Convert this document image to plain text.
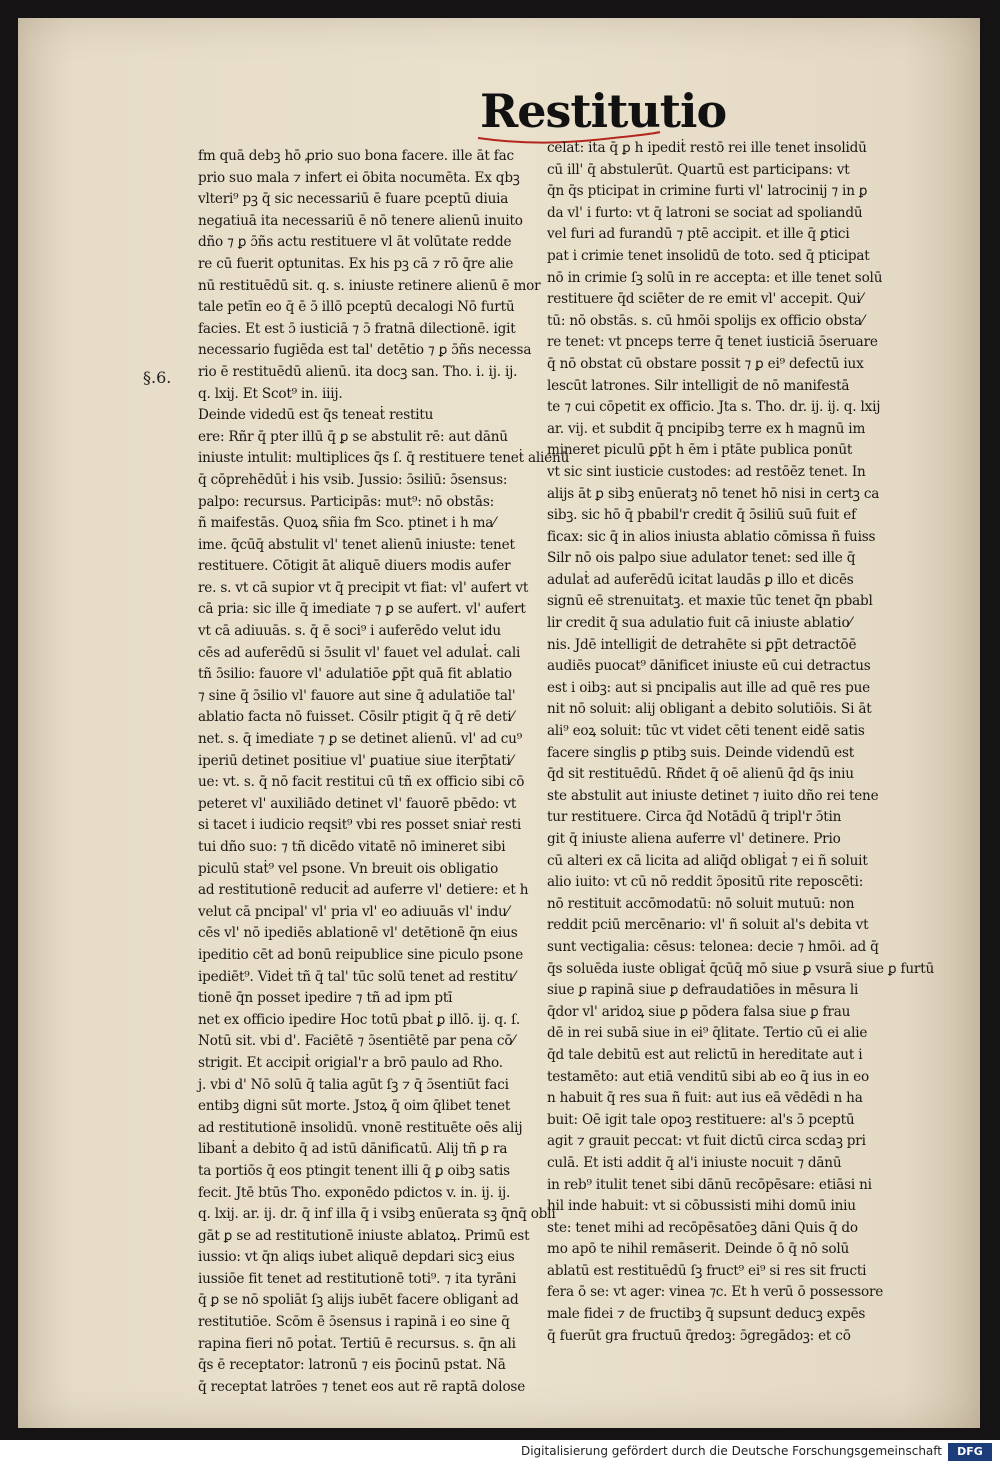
Restitutio
§.6.
fm quā debꝫ hō ꝓrio suo bona facere. ille āt fac
prio suo mala ⁊ infert ei ōbita nocumēta. Ex qbꝫ
vlteri⁹ pꝫ q̄ sic necessariū ē fuare pceptū diuia
negatiuā ita necessariū ē nō tenere alienū inuito
dño ⁊ ꝑ ɔ̄ñs actu restituere vl āt volūtate redde
re cū fuerit optunitas. Ex his pꝫ cā ⁊ rō q̄re alie
nū restituēdū sit. q. s. iniuste retinere alienū ē mor
tale petīn eo q̄ ē ɔ̄ illō pceptū decalogi Nō furtū
facies. Et est ɔ̄ iusticiā ⁊ ɔ̄ fratnā dilectionē. igit
necessario fugiēda est tal' detētio ⁊ ꝑ ɔ̄ñs necessa
rio ē restituēdū alienū. ita docꝫ san. Tho. i. ij. ij.
q. lxij. Et Scot⁹ in. iiij.
Deinde videdū est q̄s teneaṫ restitu
ere: Rñr q̄ pter illū q̄ ꝑ se abstulit rē: aut dānū
iniuste intulit: multiplices q̄s ſ. q̄ restituere teneṫ alienū
q̄ cōprehēdūṫ i his vsib. Jussio: ɔ̄siliū: ɔ̄sensus:
palpo: recursus. Participās: mut⁹: nō obstās:
ñ maifestās. Quoꝝ sñia fm Sco. ptinet i h ma⁄
ime. q̄cūq̄ abstulit vl' tenet alienū iniuste: tenet
restituere. Cōtigit āt aliquē diuers modis aufer
re. s. vt cā supior vt q̄ precipit vt fiat: vl' aufert vt
cā pria: sic ille q̄ imediate ⁊ ꝑ se aufert. vl' aufert
vt cā adiuuās. s. q̄ ē soci⁹ i auferēdo velut idu
cēs ad auferēdū si ɔ̄sulit vl' fauet vel adulaṫ. cali
tñ ɔ̄silio: fauore vl' adulatiōe ꝑp̄t quā fit ablatio
⁊ sine q̄ ɔ̄silio vl' fauore aut sine q̄ adulatiōe tal'
ablatio facta nō fuisset. Cōsilr ptigit q̄ q̄ rē deti⁄
net. s. q̄ imediate ⁊ ꝑ se detinet alienū. vl' ad cu⁹
iperiū detinet positiue vl' ꝑuatiue siue iterp̄tati⁄
ue: vt. s. q̄ nō facit restitui cū tñ ex officio sibi cō
peteret vl' auxiliādo detinet vl' fauorē pbēdo: vt
si tacet i iudicio reqsit⁹ vbi res posset sniaṙ resti
tui dño suo: ⁊ tñ dicēdo vitatē nō imineret sibi
piculū staṫ⁹ vel psone. Vn breuit ois obligatio
ad restitutionē reduciṫ ad auferre vl' detiere: et h
velut cā pncipal' vl' pria vl' eo adiuuās vl' indu⁄
cēs vl' nō ipediēs ablationē vl' detētionē q̄n eius
ipeditio cēt ad bonū reipublice sine piculo psone
ipediēt⁹. Videṫ tñ q̄ tal' tūc solū tenet ad restitu⁄
tionē q̄n posset ipedire ⁊ tñ ad ipm ptī
net ex officio ipedire Hoc totū pbaṫ ꝑ illō. ij. q. ſ.
Notū sit. vbi d'. Faciētē ⁊ ɔ̄sentiētē par pena cō⁄
strigit. Et accipiṫ origial'r a brō paulo ad Rho.
j. vbi d' Nō solū q̄ talia agūt ſꝫ ⁊ q̄ ɔ̄sentiūt faci
entibꝫ digni sūt morte. Jstoꝝ q̄ oim q̄libet tenet
ad restitutionē insolidū. vnonē restituēte oēs alij
libanṫ a debito q̄ ad istū dānificatū. Alij tñ ꝑ ra
ta portiōs q̄ eos ptingit tenent illi q̄ ꝑ oibꝫ satis
fecit. Jtē btūs Tho. exponēdo pdictos v. in. ij. ij.
q. lxij. ar. ij. dr. q̄ inf illa q̄ i vsibꝫ enūerata sꝫ q̄nq̄ obli
gāt ꝑ se ad restitutionē iniuste ablatoꝝ. Primū est
iussio: vt q̄n aliqs iubet aliquē depdari sicꝫ eius
iussiōe fit tenet ad restitutionē toti⁹. ⁊ ita tyrāni
q̄ ꝑ se nō spoliāt ſꝫ alijs iubēt facere obliganṫ ad
restitutiōe. Scōm ē ɔ̄sensus i rapinā i eo sine q̄
rapina fieri nō poṫat. Tertiū ē recursus. s. q̄n ali
q̄s ē receptator: latronū ⁊ eis p̄ocinū pstat. Nā
q̄ receptat latrōes ⁊ tenet eos aut rē raptā dolose
celat: ita q̄ ꝑ h ipediṫ restō rei ille tenet insolidū
cū ill' q̄ abstulerūt. Quartū est participans: vt
q̄n q̄s pticipat in crimine furti vl' latrocinij ⁊ in ꝑ
da vl' i furto: vt q̄ latroni se sociat ad spoliandū
vel furi ad furandū ⁊ ptē accipit. et ille q̄ ꝑtici
pat i crimie tenet insolidū de toto. sed q̄ pticipat
nō in crimie ſꝫ solū in re accepta: et ille tenet solū
restituere q̄d sciēter de re emit vl' accepit. Qui⁄
tū: nō obstās. s. cū hmōi spolijs ex officio obsta⁄
re tenet: vt pnceps terre q̄ tenet iusticiā ɔ̄seruare
q̄ nō obstat cū obstare possit ⁊ ꝑ ei⁹ defectū iux
lescūt latrones. Silr intelligiṫ de nō manifestā
te ⁊ cui cōpetit ex officio. Jta s. Tho. dr. ij. ij. q. lxij
ar. vij. et subdit q̄ pncipibꝫ terre ex h magnū im
mineret piculū ꝑp̄t h ēm i ptāte publica ponūt
vt sic sint iusticie custodes: ad restōēz tenet. In
alijs āt ꝑ sibꝫ enūeratꝫ nō tenet hō nisi in certꝫ ca
sibꝫ. sic hō q̄ pbabil'r credit q̄ ɔ̄siliū suū fuit ef
ficax: sic q̄ in alios iniusta ablatio cōmissa ñ fuiss
Silr nō ois palpo siue adulator tenet: sed ille q̄
adulaṫ ad auferēdū icitat laudās ꝑ illo et dicēs
signū eē strenuitatꝫ. et maxie tūc tenet q̄n pbabl
lir credit q̄ sua adulatio fuit cā iniuste ablatio⁄
nis. Jdē intelligiṫ de detrahēte si ꝑp̄t detractōē
audiēs puocat⁹ dānificet iniuste eū cui detractus
est i oibꝫ: aut si pncipalis aut ille ad quē res pue
nit nō soluit: alij obliganṫ a debito solutiōis. Si āt
ali⁹ eoꝝ soluit: tūc vt videt cēti tenent eidē satis
facere singlis ꝑ ptibꝫ suis. Deinde videndū est
q̄d sit restituēdū. Rñdet q̄ oē alienū q̄d q̄s iniu
ste abstulit aut iniuste detinet ⁊ iuito dño rei tene
tur restituere. Circa q̄d Notādū q̄ tripl'r ɔ̄tin
git q̄ iniuste aliena auferre vl' detinere. Prio
cū alteri ex cā licita ad aliq̄d obligaṫ ⁊ ei ñ soluit
alio iuito: vt cū nō reddit ɔ̄positū rite reposcēti:
nō restituit accōmodatū: nō soluit mutuū: non
reddit pciū mercēnario: vl' ñ soluit al's debita vt
sunt vectigalia: cēsus: telonea: decie ⁊ hmōi. ad q̄
q̄s soluēda iuste obligaṫ q̄cūq̄ mō siue ꝑ vsurā siue ꝑ furtū
siue ꝑ rapinā siue ꝑ defraudatiōes in mēsura li
q̄dor vl' aridoꝝ siue ꝑ pōdera falsa siue ꝑ frau
dē in rei subā siue in ei⁹ q̄litate. Tertio cū ei alie
q̄d tale debitū est aut relictū in hereditate aut i
testamēto: aut etiā venditū sibi ab eo q̄ ius in eo
n habuit q̄ res sua ñ fuit: aut ius eā vēdēdi n ha
buit: Oē igit tale opoꝫ restituere: al's ɔ̄ pceptū
agit ⁊ grauit peccat: vt fuit dictū circa scdaꝫ pri
culā. Et isti addit q̄ al'i iniuste nocuit ⁊ dānū
in reb⁹ itulit tenet sibi dānū recōpēsare: etiāsi ni
hil inde habuit: vt si cōbussisti mihi domū iniu
ste: tenet mihi ad recōpēsatōeꝫ dāni Quis q̄ do
mo apō te nihil remāserit. Deinde ō q̄ nō solū
ablatū est restituēdū ſꝫ fruct⁹ ei⁹ si res sit fructi
fera ō se: vt ager: vinea ⁊c. Et h verū ō possessore
male fidei ⁊ de fructibꝫ q̄ supsunt deducꝫ expēs
q̄ fuerūt gra fructuū q̄redoꝫ: ɔ̄gregādoꝫ: et cō
Digitalisierung gefördert durch die Deutsche Forschungsgemeinschaft	DFG
